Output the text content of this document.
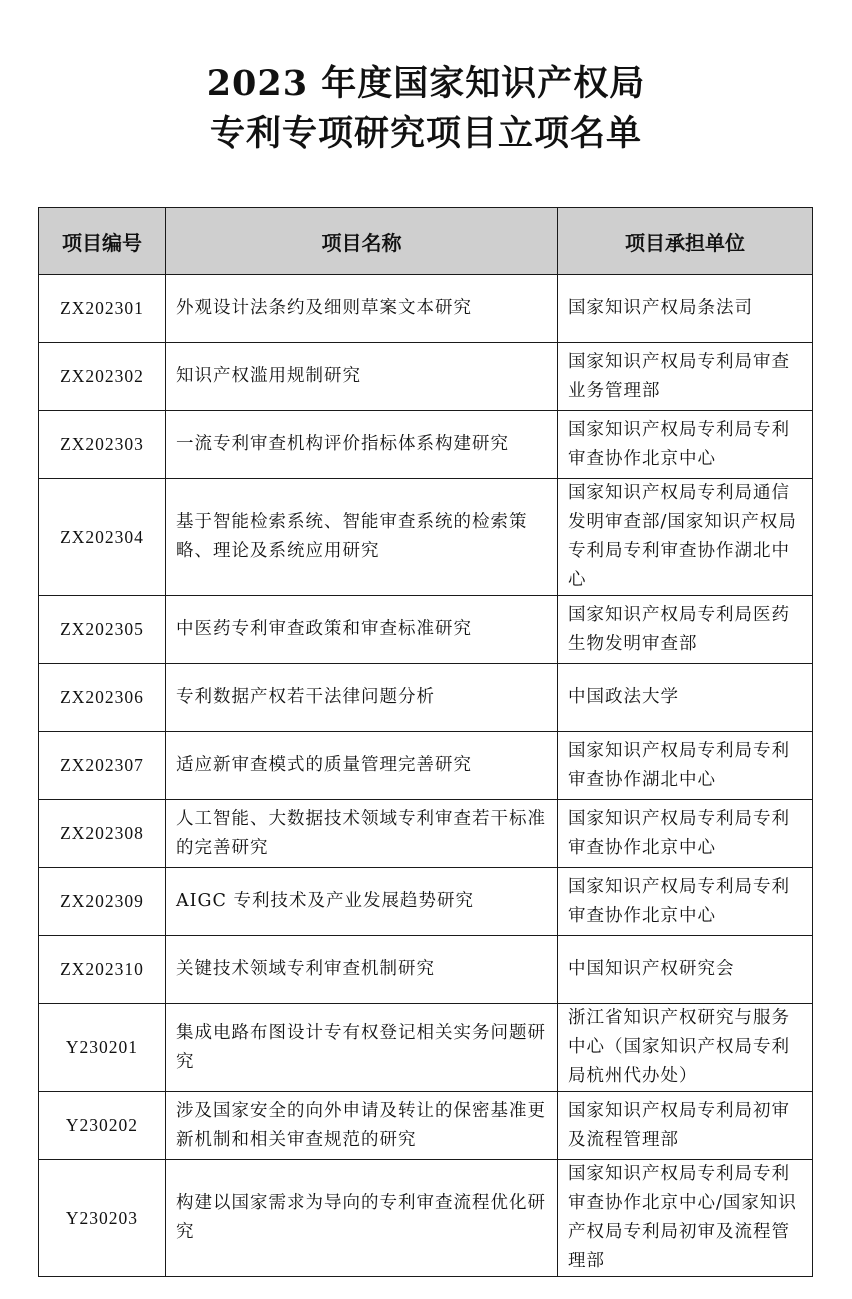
2023 年度国家知识产权局
专利专项研究项目立项名单
项目编号	项目名称	项目承担单位
ZX202301	外观设计法条约及细则草案文本研究	国家知识产权局条法司
ZX202302	知识产权滥用规制研究	国家知识产权局专利局审查业务管理部
ZX202303	一流专利审查机构评价指标体系构建研究	国家知识产权局专利局专利审查协作北京中心
ZX202304	基于智能检索系统、智能审查系统的检索策略、理论及系统应用研究	国家知识产权局专利局通信发明审查部/国家知识产权局专利局专利审查协作湖北中心
ZX202305	中医药专利审查政策和审查标准研究	国家知识产权局专利局医药生物发明审查部
ZX202306	专利数据产权若干法律问题分析	中国政法大学
ZX202307	适应新审查模式的质量管理完善研究	国家知识产权局专利局专利审查协作湖北中心
ZX202308	人工智能、大数据技术领域专利审查若干标准的完善研究	国家知识产权局专利局专利审查协作北京中心
ZX202309	AIGC 专利技术及产业发展趋势研究	国家知识产权局专利局专利审查协作北京中心
ZX202310	关键技术领域专利审查机制研究	中国知识产权研究会
Y230201	集成电路布图设计专有权登记相关实务问题研究	浙江省知识产权研究与服务中心（国家知识产权局专利局杭州代办处）
Y230202	涉及国家安全的向外申请及转让的保密基准更新机制和相关审查规范的研究	国家知识产权局专利局初审及流程管理部
Y230203	构建以国家需求为导向的专利审查流程优化研究	国家知识产权局专利局专利审查协作北京中心/国家知识产权局专利局初审及流程管理部
